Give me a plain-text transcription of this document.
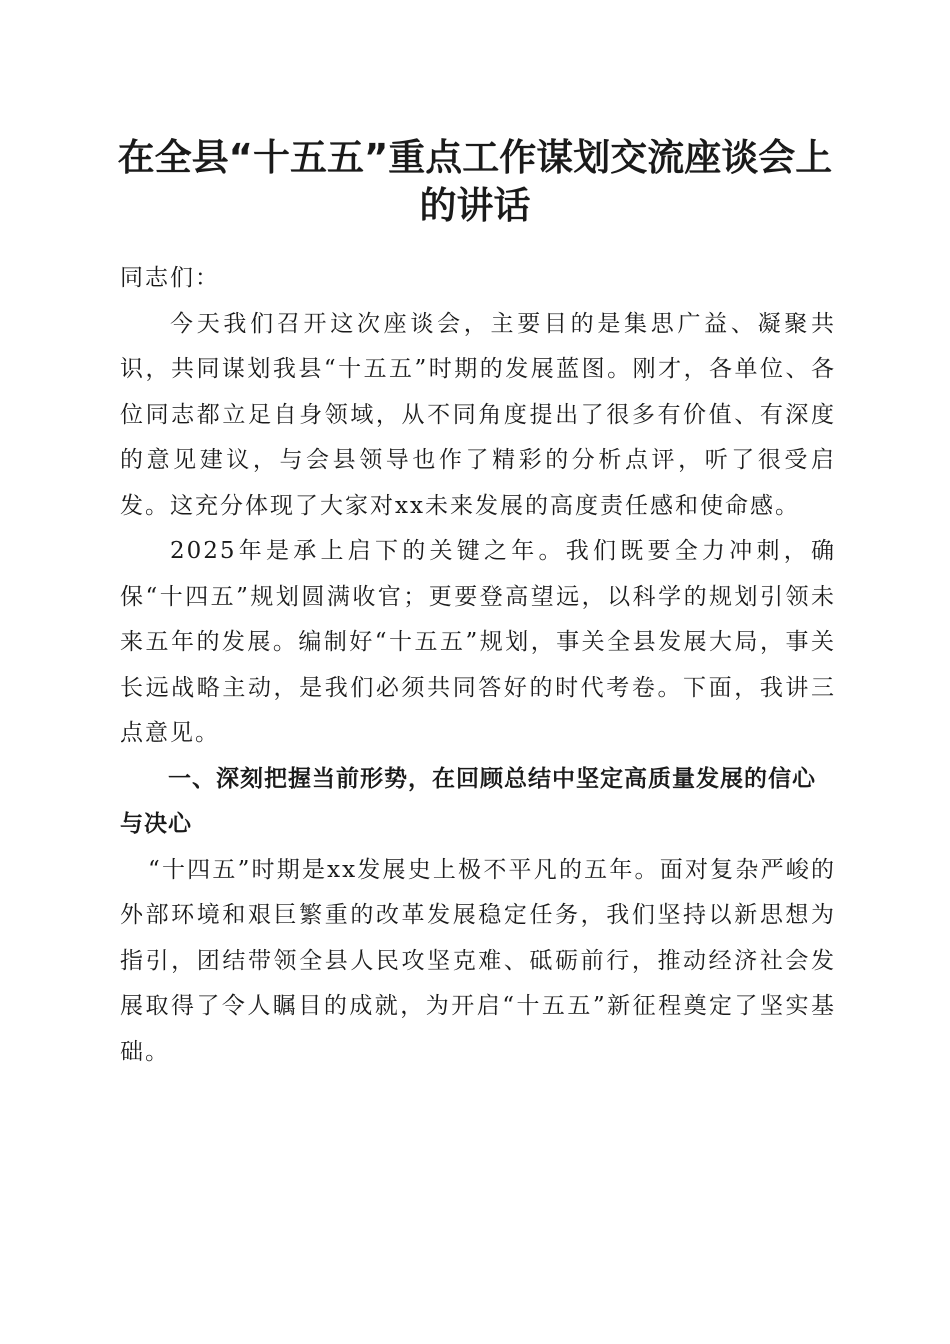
在全县“十五五”重点工作谋划交流座谈会上
的讲话

同志们：

今天我们召开这次座谈会，主要目的是集思广益、凝聚共识，共同谋划我县“十五五”时期的发展蓝图。刚才，各单位、各位同志都立足自身领域，从不同角度提出了很多有价值、有深度的意见建议，与会县领导也作了精彩的分析点评，听了很受启发。这充分体现了大家对xx未来发展的高度责任感和使命感。

2025年是承上启下的关键之年。我们既要全力冲刺，确保“十四五”规划圆满收官；更要登高望远，以科学的规划引领未来五年的发展。编制好“十五五”规划，事关全县发展大局，事关长远战略主动，是我们必须共同答好的时代考卷。下面，我讲三点意见。

一、深刻把握当前形势，在回顾总结中坚定高质量发展的信心与决心

“十四五”时期是xx发展史上极不平凡的五年。面对复杂严峻的外部环境和艰巨繁重的改革发展稳定任务，我们坚持以新思想为指引，团结带领全县人民攻坚克难、砥砺前行，推动经济社会发展取得了令人瞩目的成就，为开启“十五五”新征程奠定了坚实基础。
